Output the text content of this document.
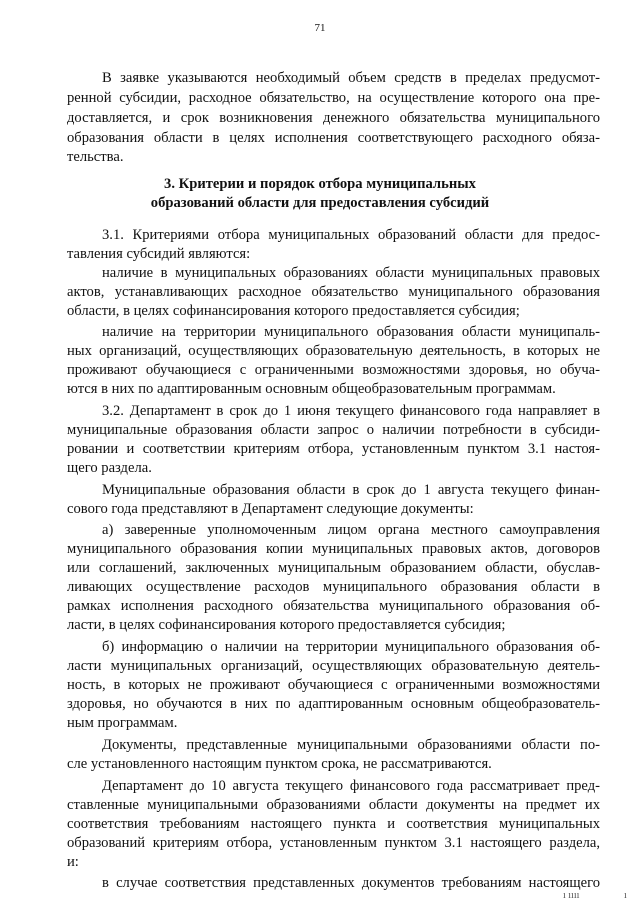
71
В заявке указываются необходимый объем средств в пределах предусмот-
ренной субсидии, расходное обязательство, на осуществление которого она пре-
доставляется, и срок возникновения денежного обязательства муниципального
образования области в целях исполнения соответствующего расходного обяза-
тельства.
3. Критерии и порядок отбора муниципальных
образований области для предоставления субсидий
3.1. Критериями отбора муниципальных образований области для предос-
тавления субсидий являются:
наличие в муниципальных образованиях области муниципальных правовых
актов, устанавливающих расходное обязательство муниципального образования
области, в целях софинансирования которого предоставляется субсидия;
наличие на территории муниципального образования области муниципаль-
ных организаций, осуществляющих образовательную деятельность, в которых не
проживают обучающиеся с ограниченными возможностями здоровья, но обуча-
ются в них по адаптированным основным общеобразовательным программам.
3.2. Департамент в срок до 1 июня текущего финансового года направляет в
муниципальные образования области запрос о наличии потребности в субсиди-
ровании и соответствии критериям отбора, установленным пунктом 3.1 настоя-
щего раздела.
Муниципальные образования области в срок до 1 августа текущего финан-
сового года представляют в Департамент следующие документы:
а) заверенные уполномоченным лицом органа местного самоуправления
муниципального образования копии муниципальных правовых актов, договоров
или соглашений, заключенных муниципальным образованием области, обуслав-
ливающих осуществление расходов муниципального образования области в
рамках исполнения расходного обязательства муниципального образования об-
ласти, в целях софинансирования которого предоставляется субсидия;
б) информацию о наличии на территории муниципального образования об-
ласти муниципальных организаций, осуществляющих образовательную деятель-
ность, в которых не проживают обучающиеся с ограниченными возможностями
здоровья, но обучаются в них по адаптированным основным общеобразователь-
ным программам.
Документы, представленные муниципальными образованиями области по-
сле установленного настоящим пунктом срока, не рассматриваются.
Департамент до 10 августа текущего финансового года рассматривает пред-
ставленные муниципальными образованиями области документы на предмет их
соответствия требованиям настоящего пункта и соответствия муниципальных
образований критериям отбора, установленным пунктом 3.1 настоящего раздела,
и:
в случае соответствия представленных документов требованиям настоящего
ı ıııı	ı
